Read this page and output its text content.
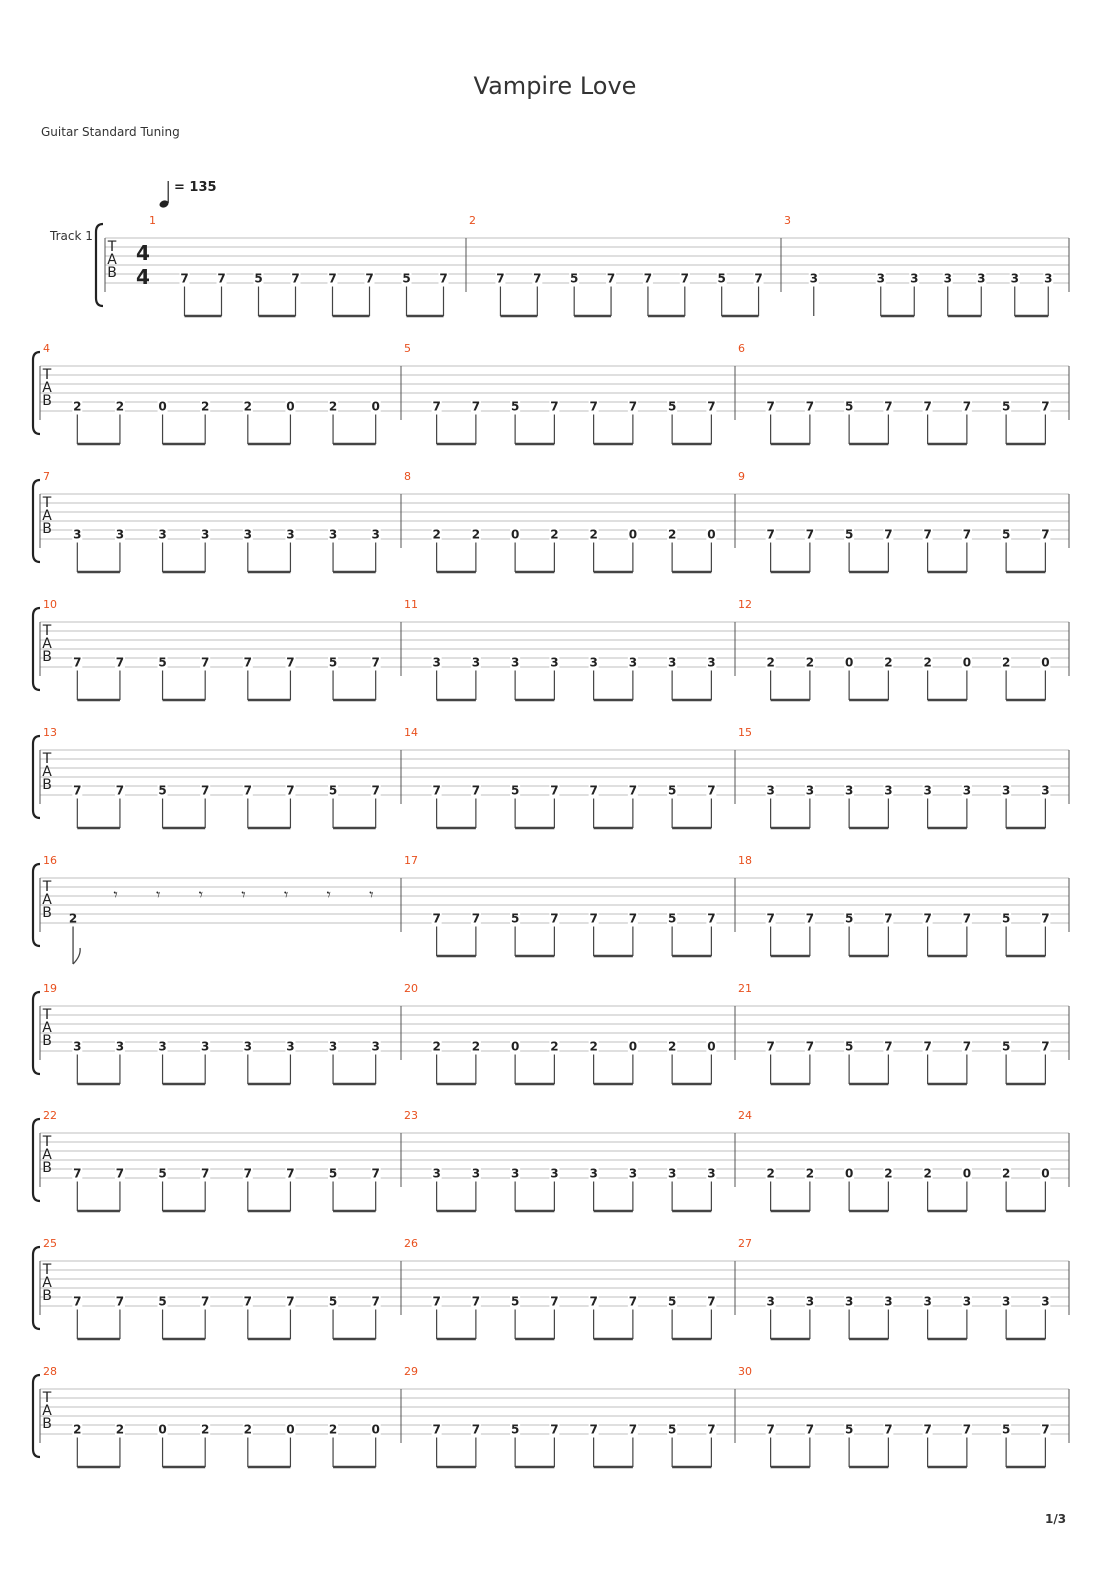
Vampire Love
Guitar Standard Tuning
= 135
Track 1
T
A
B
4
4
1
7 7 5 7 7 7 5 7
2
7 7 5 7 7 7 5 7
3
3	3 3 3 3 3 3
T
A
B
4
2	2	0	2	2	0	2	0
5
7	7	5	7	7	7	5	7
6
7	7	5	7	7	7	5	7
T
A
B
7
3	3	3	3	3	3	3	3
8
2	2	0	2	2	0	2	0
9
7	7	5	7	7	7	5	7
T
A
B
10
7	7	5	7	7	7	5	7
11
3	3	3	3	3	3	3	3
12
2	2	0	2	2	0	2	0
T
A
B
13
7	7	5	7	7	7	5	7
14
7	7	5	7	7	7	5	7
15
3	3	3	3	3	3	3	3
T
A
B
16
2
𝄾 𝄾 𝄾 𝄾 𝄾 𝄾 𝄾
17
7	7	5	7	7	7	5	7
18
7	7	5	7	7	7	5	7
T
A
B
19
3	3	3	3	3	3	3	3
20
2	2	0	2	2	0	2	0
21
7	7	5	7	7	7	5	7
T
A
B
22
7	7	5	7	7	7	5	7
23
3	3	3	3	3	3	3	3
24
2	2	0	2	2	0	2	0
T
A
B
25
7	7	5	7	7	7	5	7
26
7	7	5	7	7	7	5	7
27
3	3	3	3	3	3	3	3
T
A
B
28
2	2	0	2	2	0	2	0
29
7	7	5	7	7	7	5	7
30
7	7	5	7	7	7	5	7
1/3
